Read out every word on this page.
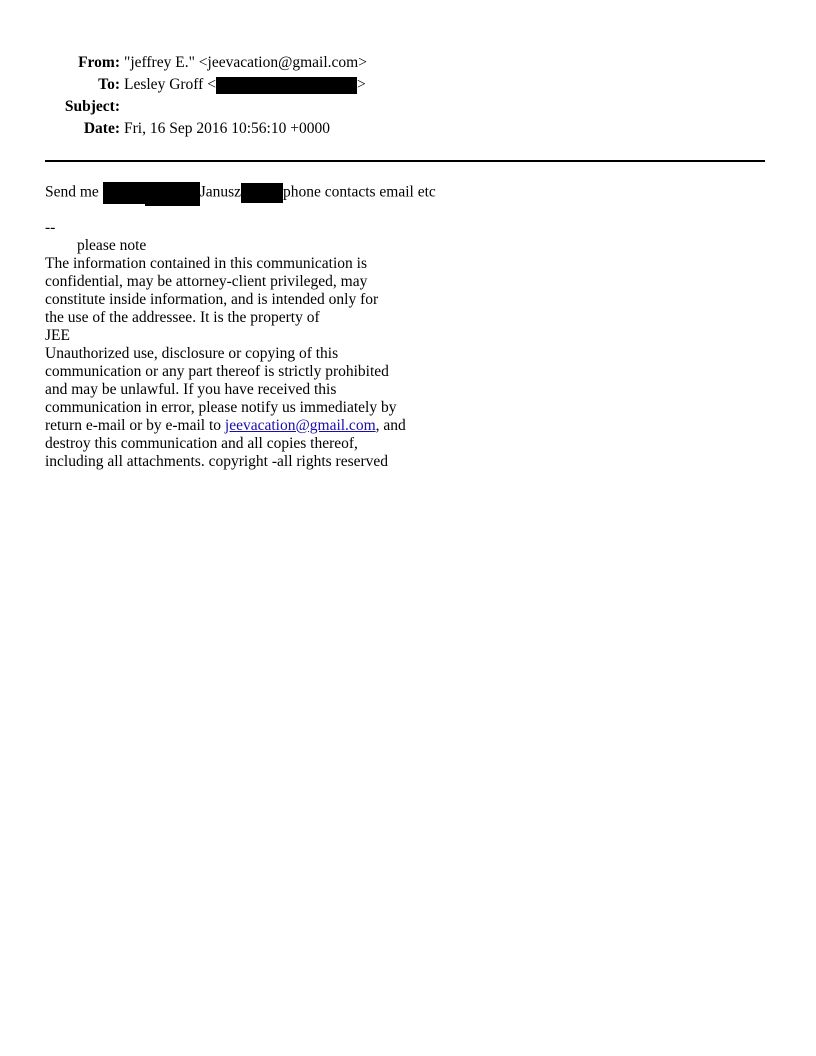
From:	"jeffrey E." <jeevacation@gmail.com>
To:	Lesley Groff < >
Subject:	
Date:	Fri, 16 Sep 2016 10:56:10 +0000
Send me	Janusz	phone contacts email etc
--
please note
The information contained in this communication is
confidential, may be attorney-client privileged, may
constitute inside information, and is intended only for
the use of the addressee. It is the property of
JEE
Unauthorized use, disclosure or copying of this
communication or any part thereof is strictly prohibited
and may be unlawful. If you have received this
communication in error, please notify us immediately by
return e-mail or by e-mail to jeevacation@gmail.com, and
destroy this communication and all copies thereof,
including all attachments. copyright -all rights reserved
